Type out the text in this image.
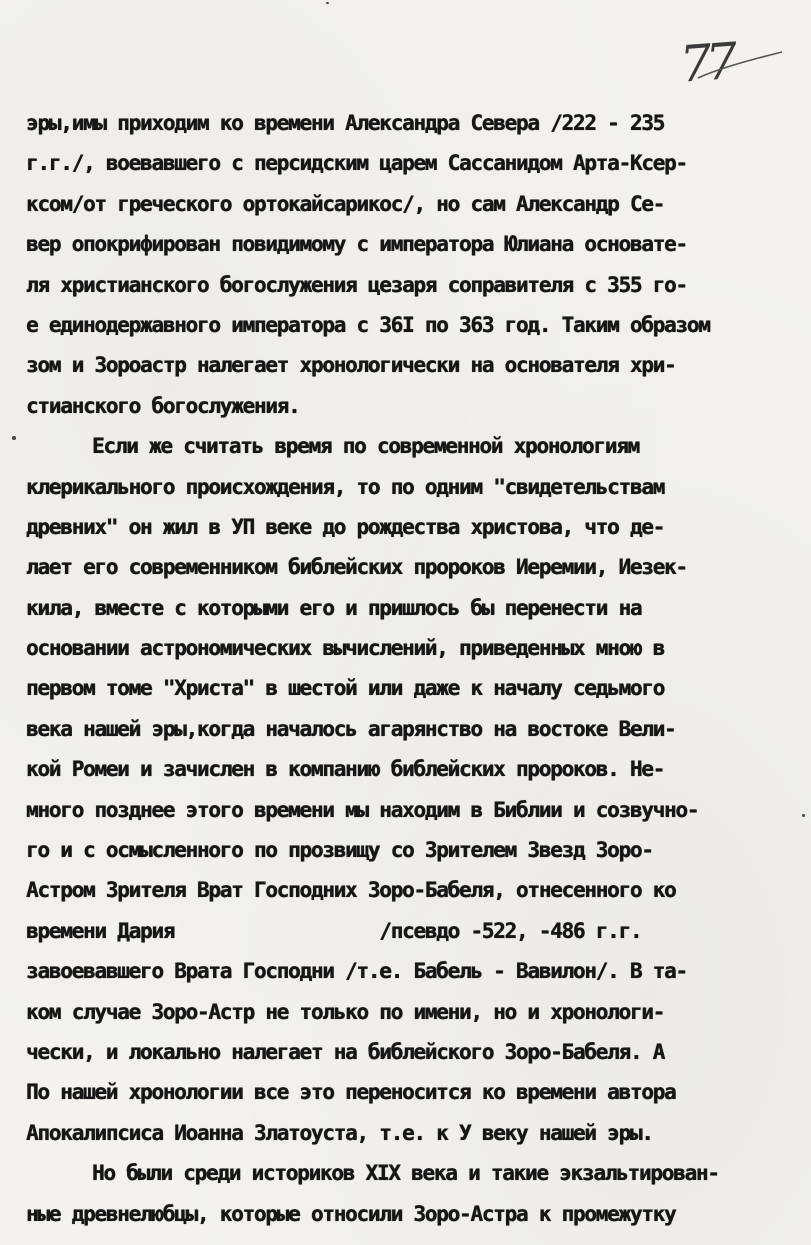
77
эры,имы приходим ко времени Александра Севера /222 - 235
г.г./, воевавшего с персидским царем Сассанидом Арта-Ксер-
ксом/от греческого ортокайсарикос/, но сам Александр Се-
вер опокрифирован повидимому с императора Юлиана основате-
ля христианского богослужения цезаря соправителя с 355 го-
е единодержавного императора с 36I по 363 год. Таким образом
зом и Зороастр налегает хронологически на основателя хри-
стианского богослужения.
Если же считать время по современной хронологиям
клерикального происхождения, то по одним "свидетельствам
древних" он жил в УП веке до рождества христова, что де-
лает его современником библейских пророков Иеремии, Иезек-
кила, вместе с которыми его и пришлось бы перенести на
основании астрономических вычислений, приведенных мною в
первом томе "Христа" в шестой или даже к началу седьмого
века нашей эры,когда началось агарянство на востоке Вели-
кой Ромеи и зачислен в компанию библейских пророков. Не-
много позднее этого времени мы находим в Библии и созвучно-
го и с осмысленного по прозвищу со Зрителем Звезд Зоро-
Астром Зрителя Врат Господних Зоро-Бабеля, отнесенного ко
времени Дария                  /псевдо -522, -486 г.г.
завоевавшего Врата Господни /т.е. Бабель - Вавилон/. В та-
ком случае Зоро-Астр не только по имени, но и хронологи-
чески, и локально налегает на библейского Зоро-Бабеля. А
По нашей хронологии все это переносится ко времени автора
Апокалипсиса Иоанна Златоуста, т.е. к У веку нашей эры.
Но были среди историков XIX века и такие экзальтирован-
ные древнелюбцы, которые относили Зоро-Астра к промежутку
